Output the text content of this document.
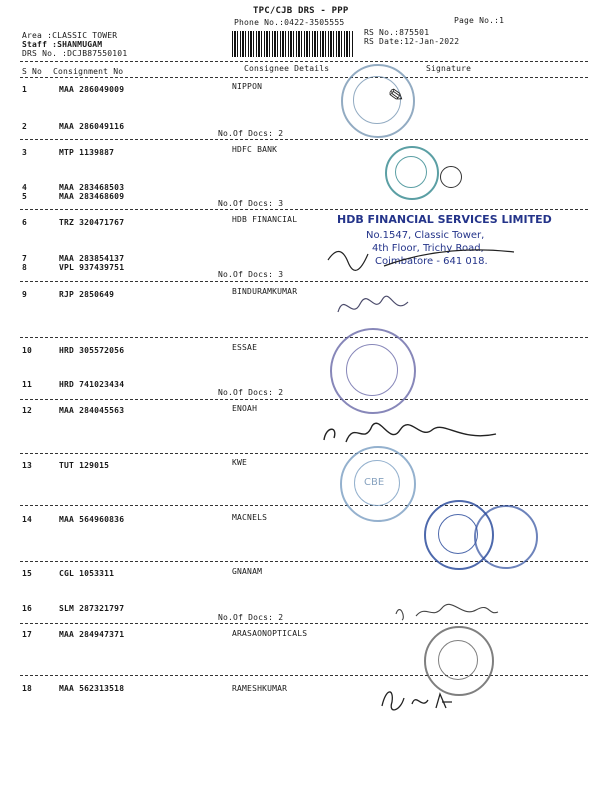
TPC/CJB DRS - PPP
Phone No.:0422-3505555	Page No.:1
Area :CLASSIC TOWER
Staff :SHANMUGAM
DRS No. :DCJB87550101
RS No.:875501
RS Date:12-Jan-2022
S No Consignment No	Consignee Details	Signature
1	MAA 286049009	NIPPON
2	MAA 286049116
No.Of Docs: 2
3	MTP 1139887	HDFC BANK
4	MAA 283468503
5	MAA 283468609
No.Of Docs: 3
6	TRZ 320471767	HDB FINANCIAL
7	MAA 283854137
8	VPL 937439751
No.Of Docs: 3
9	RJP 2850649	BINDURAMKUMAR
10	HRD 305572056	ESSAE
11	HRD 741023434
No.Of Docs: 2
12	MAA 284045563	ENOAH
13	TUT 129015	KWE
14	MAA 564960836	MACNELS
15	CGL 1053311	GNANAM
16	SLM 287321797
No.Of Docs: 2
17	MAA 284947371	ARASAONOPTICALS
18	MAA 562313518	RAMESHKUMAR
✎
HDB FINANCIAL SERVICES LIMITED
No.1547, Classic Tower,
4th Floor, Trichy Road,
Coimbatore - 641 018.
CBE
